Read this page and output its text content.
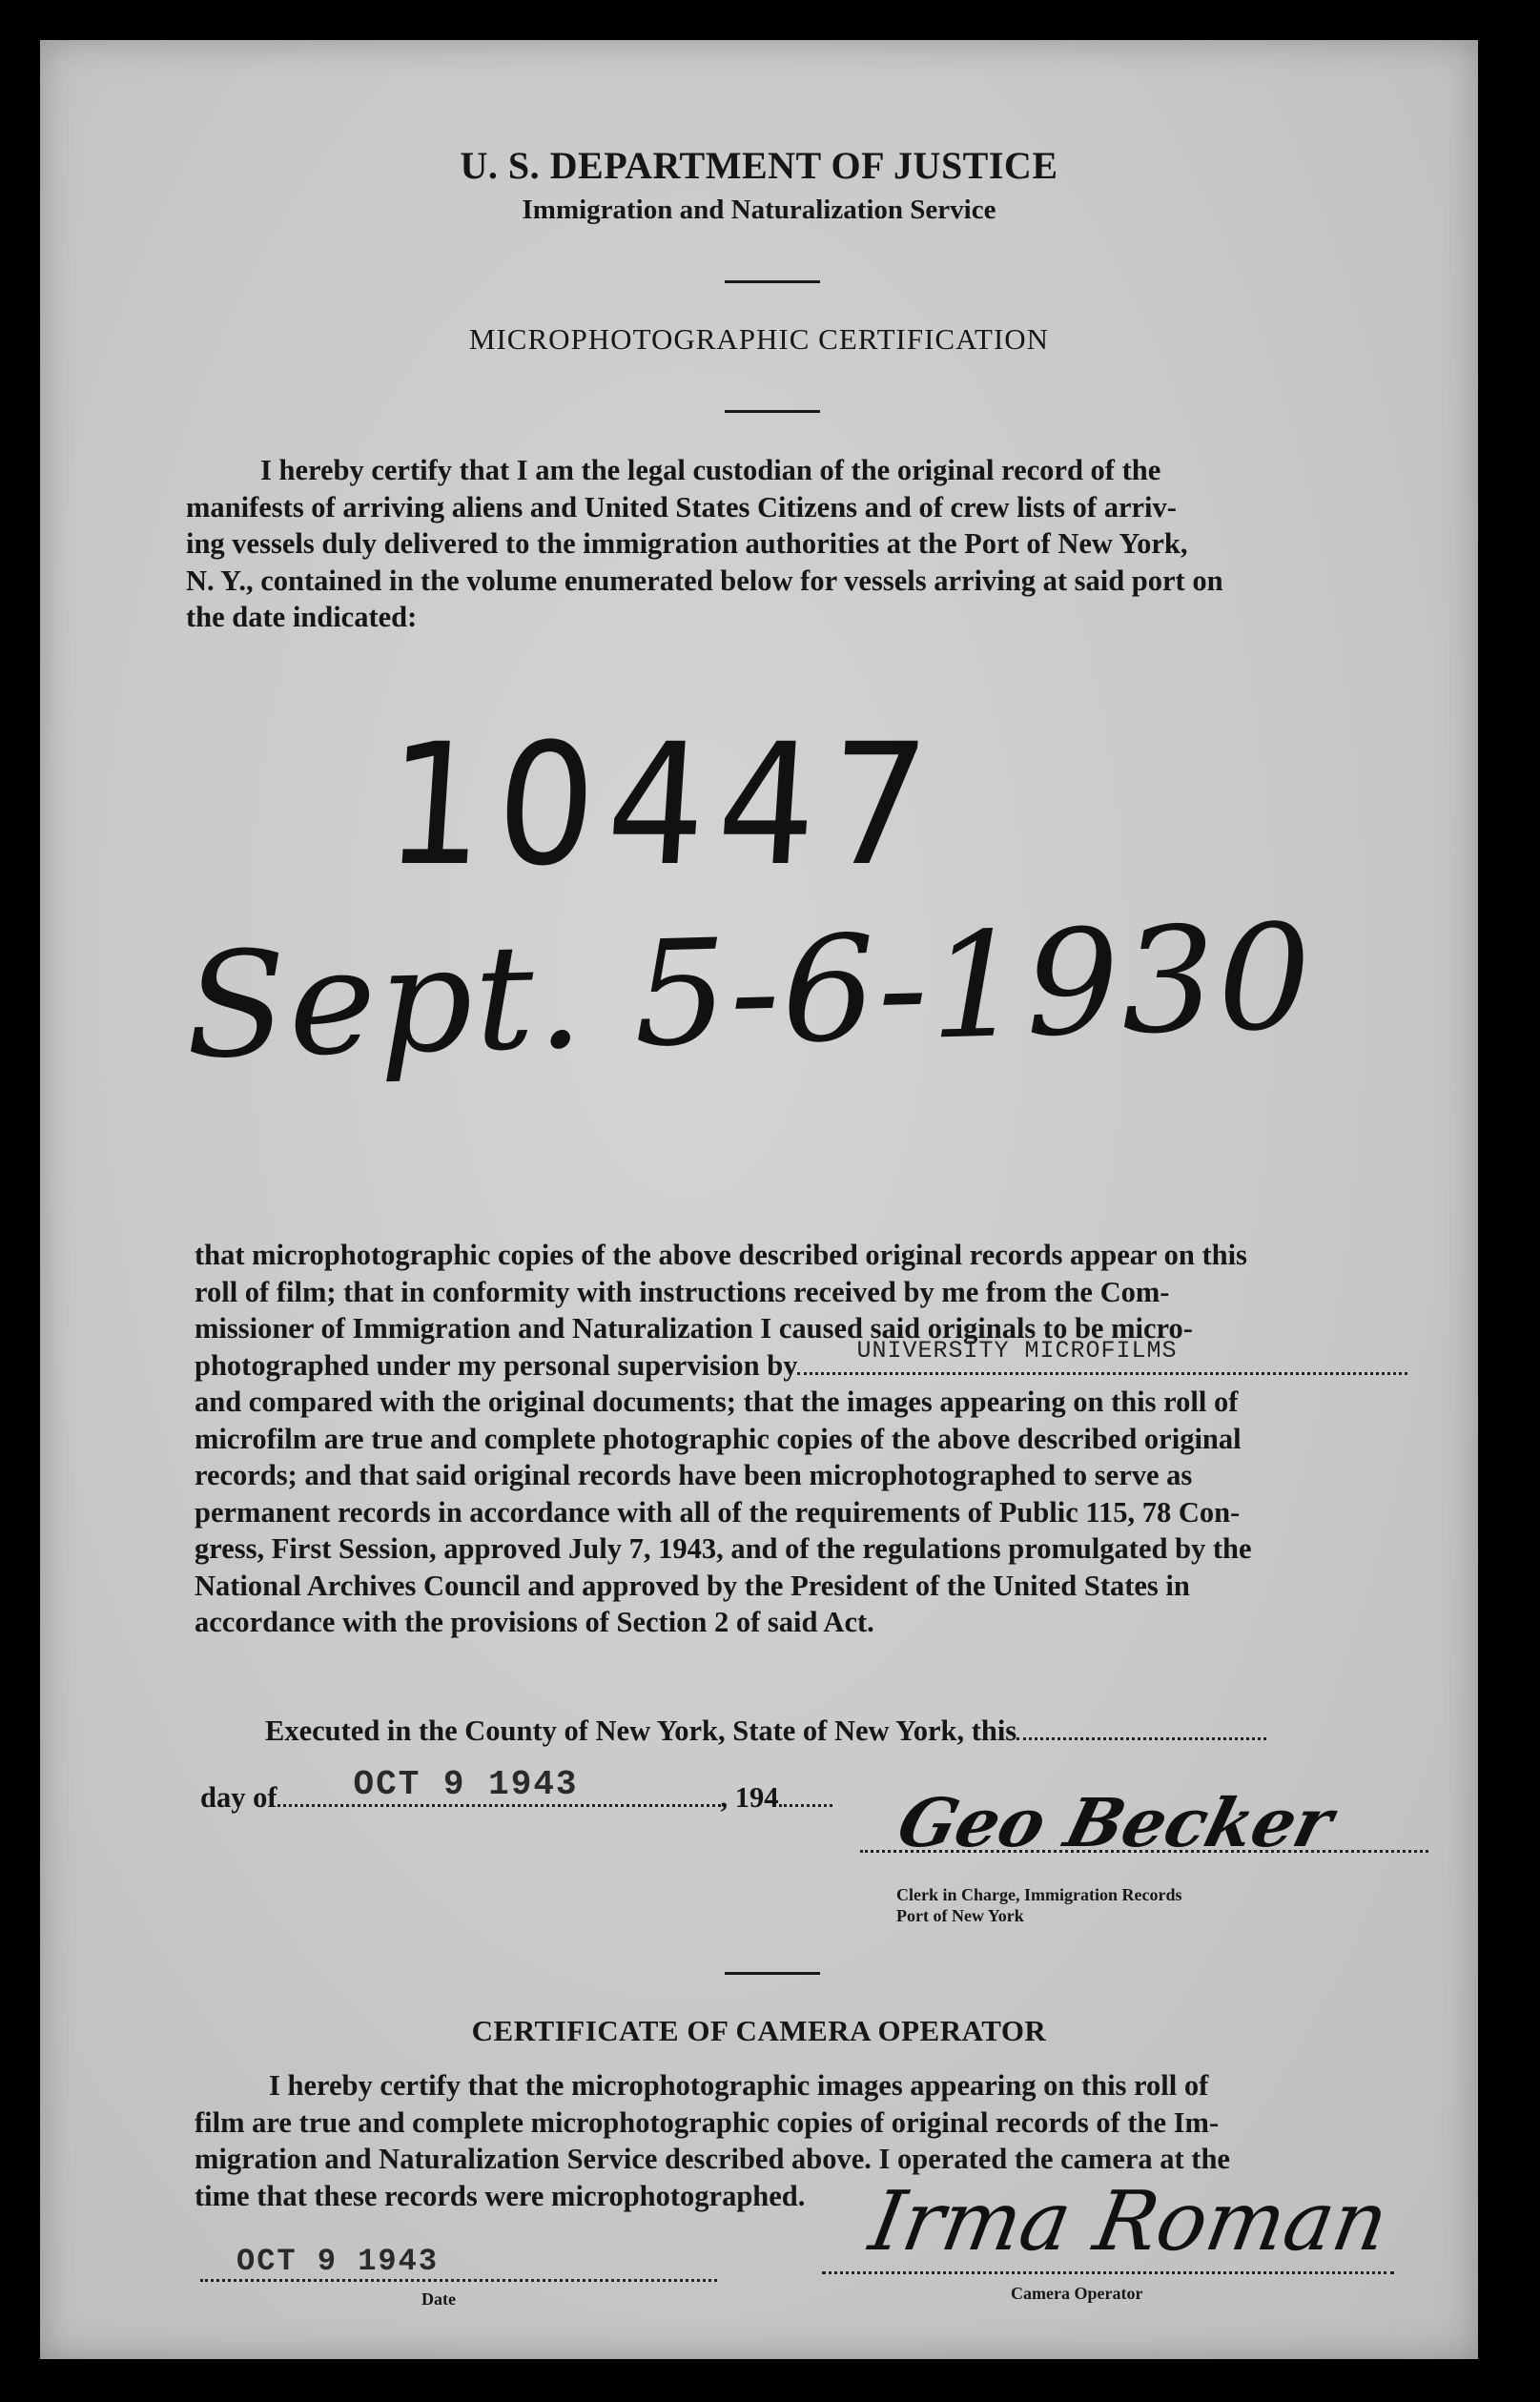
U. S. DEPARTMENT OF JUSTICE
Immigration and Naturalization Service
MICROPHOTOGRAPHIC CERTIFICATION

I hereby certify that I am the legal custodian of the original record of the

manifests of arriving aliens and United States Citizens and of crew lists of arriv-

ing vessels duly delivered to the immigration authorities at the Port of New York,

N. Y., contained in the volume enumerated below for vessels arriving at said port on

the date indicated:

10447
Sept. 5-6-1930

that microphotographic copies of the above described original records appear on this

roll of film; that in conformity with instructions received by me from the Com-

missioner of Immigration and Naturalization I caused said originals to be micro-

photographed under my personal supervision by UNIVERSITY MICROFILMS

and compared with the original documents; that the images appearing on this roll of

microfilm are true and complete photographic copies of the above described original

records; and that said original records have been microphotographed to serve as

permanent records in accordance with all of the requirements of Public 115, 78 Con-

gress, First Session, approved July 7, 1943, and of the regulations promulgated by the

National Archives Council and approved by the President of the United States in

accordance with the provisions of Section 2 of said Act.

Executed in the County of New York, State of New York, this
day of OCT 9 1943	, 194	Geo Becker
Clerk in Charge, Immigration Records
Port of New York
CERTIFICATE OF CAMERA OPERATOR

I hereby certify that the microphotographic images appearing on this roll of

film are true and complete microphotographic copies of original records of the Im-

migration and Naturalization Service described above. I operated the camera at the

time that these records were microphotographed.

OCT 9 1943
Date
Irma Roman
Camera Operator
